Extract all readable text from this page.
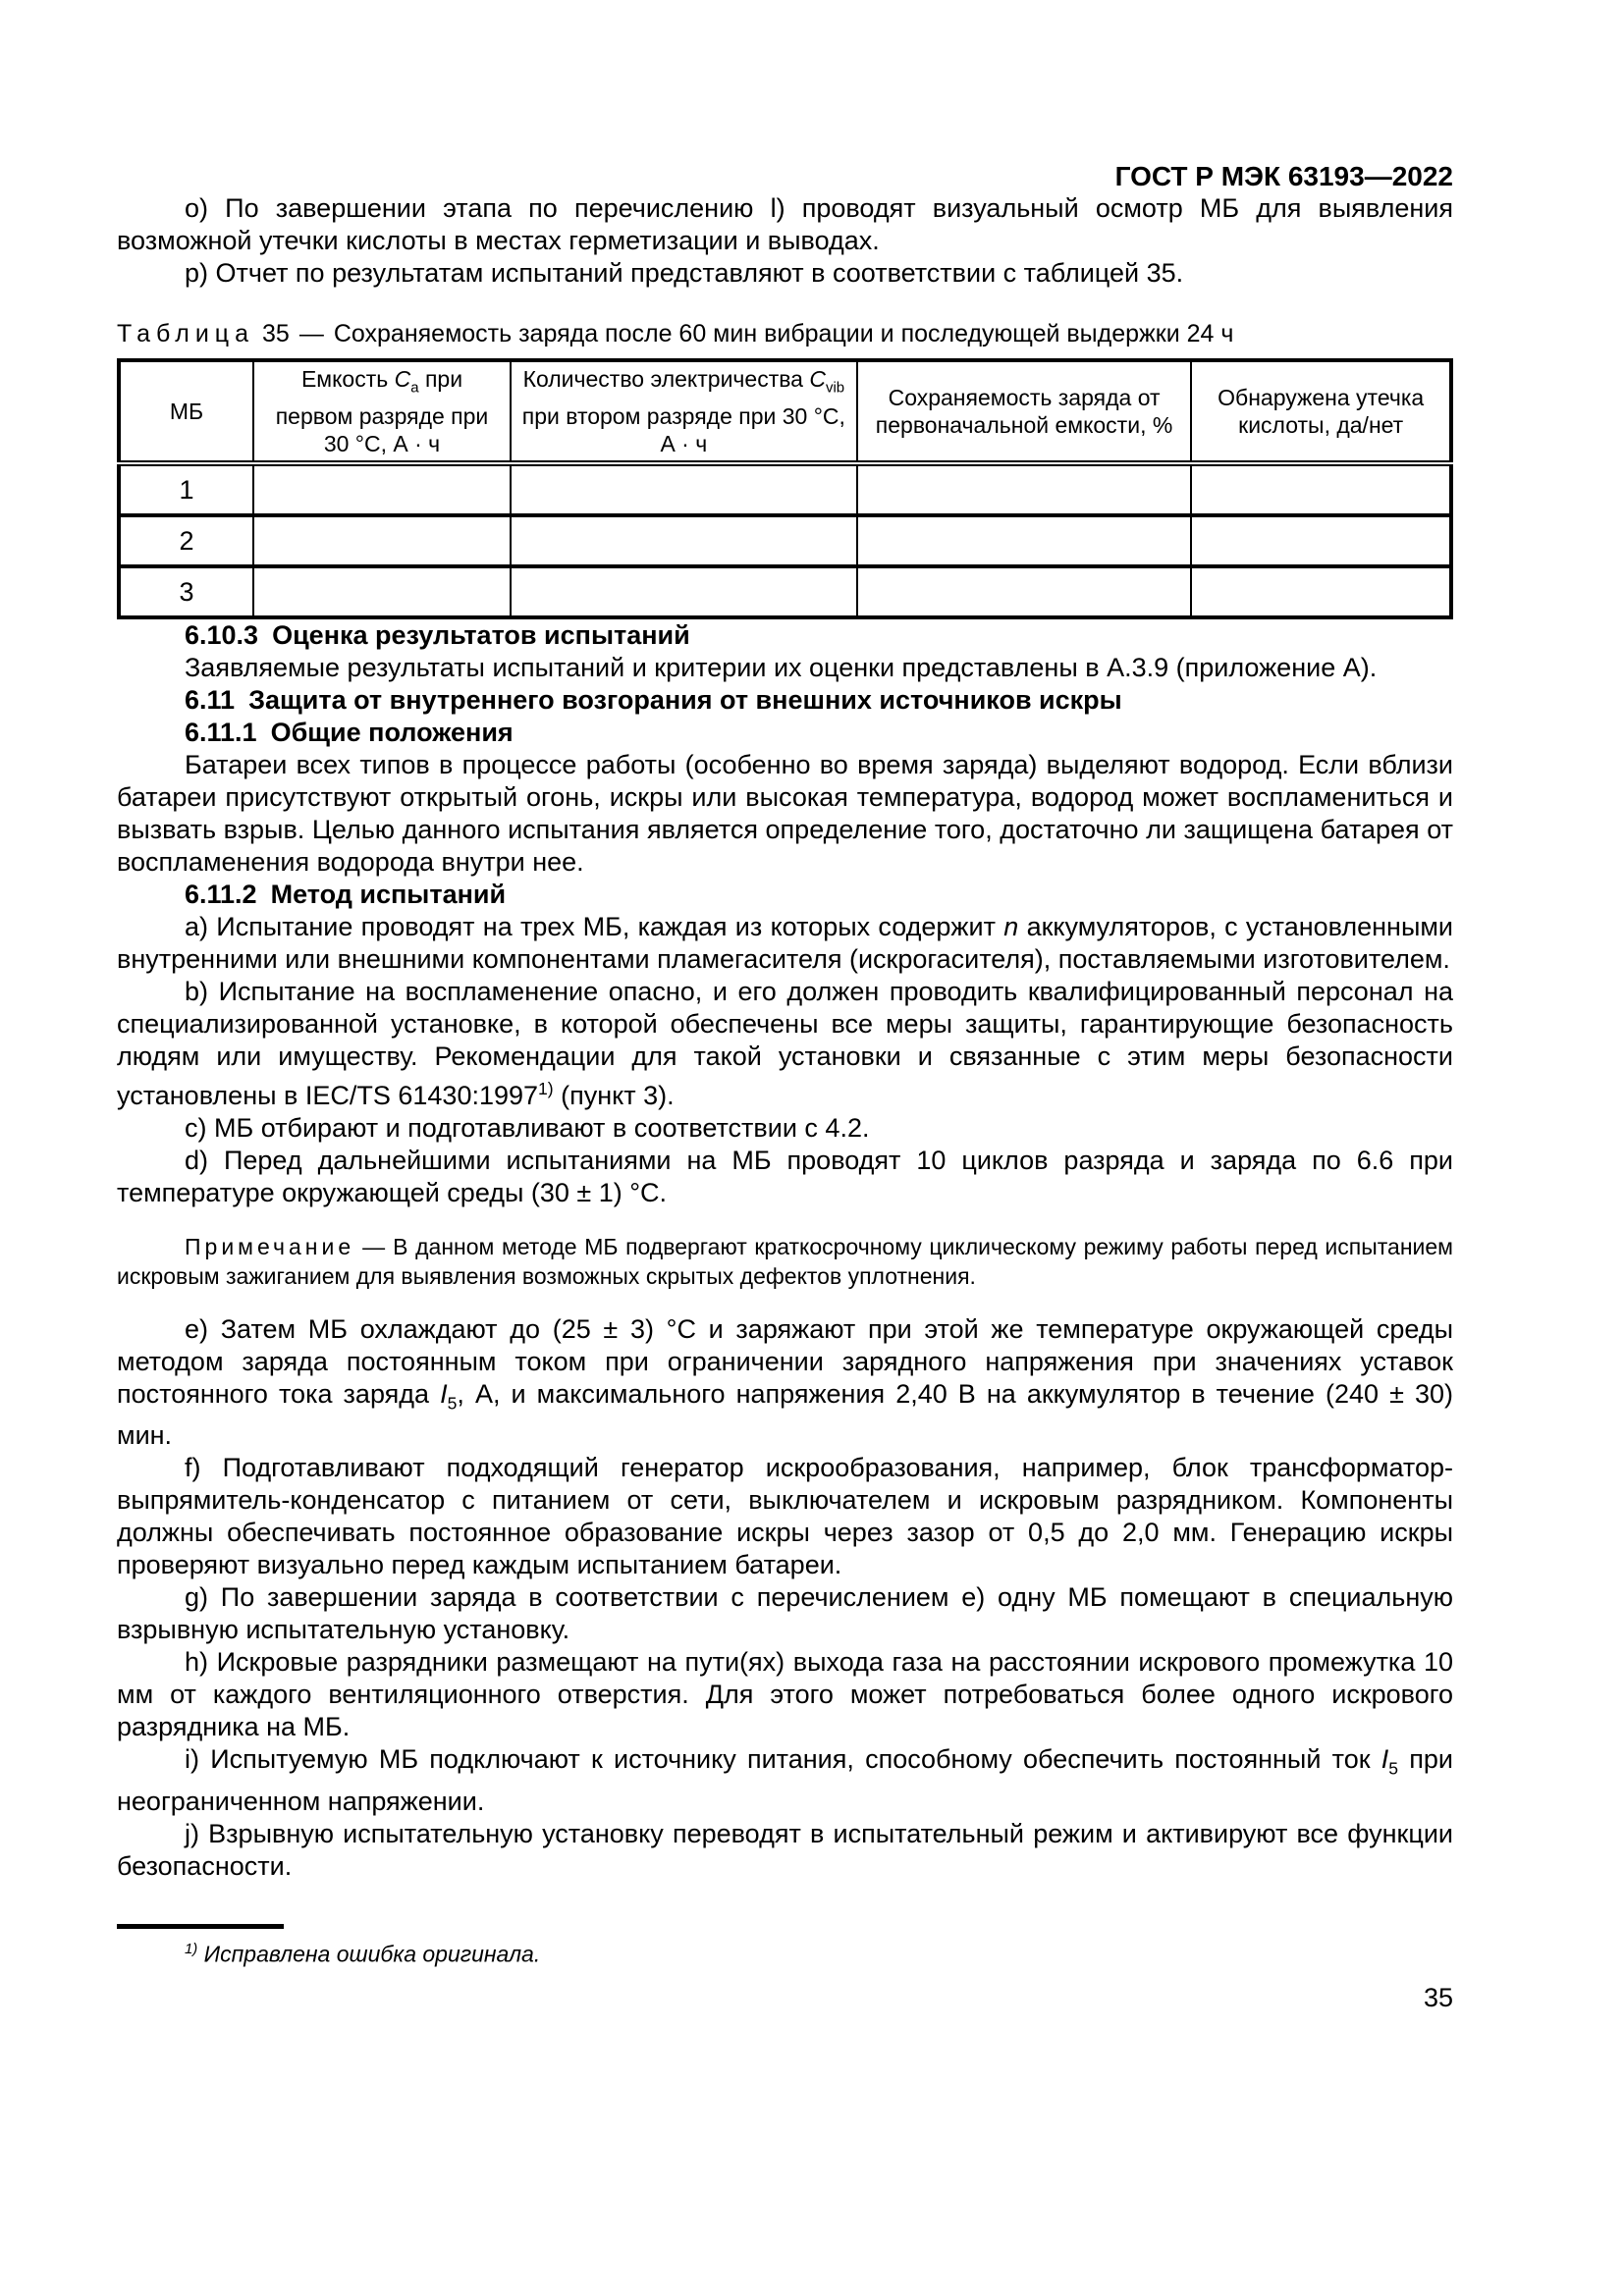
ГОСТ Р МЭК 63193—2022

о) По завершении этапа по перечислению l) проводят визуальный осмотр МБ для выявления возможной утечки кислоты в местах герметизации и выводах.

р) Отчет по результатам испытаний представляют в соответствии с таблицей 35.

Таблица 35 — Сохраняемость заряда после 60 мин вибрации и последующей выдержки 24 ч

МБ	Емкость $C_а$ при первом разряде при 30 °С, А · ч	Количество электричества $C_{vib}$ при втором разряде при 30 °С, А · ч	Сохраняемость заряда от первоначальной емкости, %	Обнаружена утечка кислоты, да/нет
1				
2				
3				

6.10.3 Оценка результатов испытаний

Заявляемые результаты испытаний и критерии их оценки представлены в А.3.9 (приложение А).

6.11 Защита от внутреннего возгорания от внешних источников искры

6.11.1 Общие положения

Батареи всех типов в процессе работы (особенно во время заряда) выделяют водород. Если вблизи батареи присутствуют открытый огонь, искры или высокая температура, водород может воспламениться и вызвать взрыв. Целью данного испытания является определение того, достаточно ли защищена батарея от воспламенения водорода внутри нее.

6.11.2 Метод испытаний

а) Испытание проводят на трех МБ, каждая из которых содержит n аккумуляторов, с установленными внутренними или внешними компонентами пламегасителя (искрогасителя), поставляемыми изготовителем.

b) Испытание на воспламенение опасно, и его должен проводить квалифицированный персонал на специализированной установке, в которой обеспечены все меры защиты, гарантирующие безопасность людям или имуществу. Рекомендации для такой установки и связанные с этим меры безопасности установлены в IEC/TS 61430:1997$^{1)}$ (пункт 3).

с) МБ отбирают и подготавливают в соответствии с 4.2.

d) Перед дальнейшими испытаниями на МБ проводят 10 циклов разряда и заряда по 6.6 при температуре окружающей среды (30 ± 1) °С.

Примечание — В данном методе МБ подвергают краткосрочному циклическому режиму работы перед испытанием искровым зажиганием для выявления возможных скрытых дефектов уплотнения.

е) Затем МБ охлаждают до (25 ± 3) °С и заряжают при этой же температуре окружающей среды методом заряда постоянным током при ограничении зарядного напряжения при значениях уставок постоянного тока заряда $I_5$, А, и максимального напряжения 2,40 В на аккумулятор в течение (240 ± 30) мин.

f) Подготавливают подходящий генератор искрообразования, например, блок трансформатор-выпрямитель-конденсатор с питанием от сети, выключателем и искровым разрядником. Компоненты должны обеспечивать постоянное образование искры через зазор от 0,5 до 2,0 мм. Генерацию искры проверяют визуально перед каждым испытанием батареи.

g) По завершении заряда в соответствии с перечислением е) одну МБ помещают в специальную взрывную испытательную установку.

h) Искровые разрядники размещают на пути(ях) выхода газа на расстоянии искрового промежутка 10 мм от каждого вентиляционного отверстия. Для этого может потребоваться более одного искрового разрядника на МБ.

i) Испытуемую МБ подключают к источнику питания, способному обеспечить постоянный ток $I_5$ при неограниченном напряжении.

j) Взрывную испытательную установку переводят в испытательный режим и активируют все функции безопасности.

$^{1)}$ Исправлена ошибка оригинала.

35
